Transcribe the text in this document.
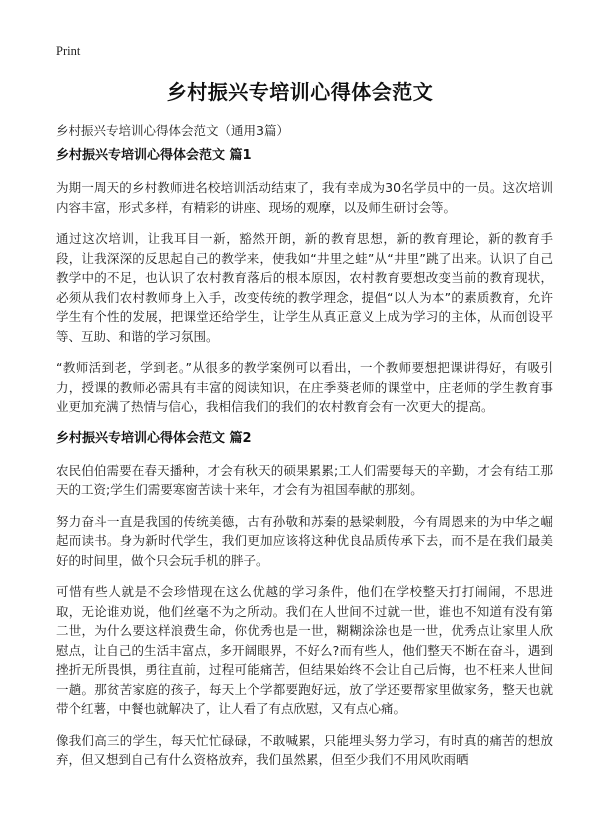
Print
乡村振兴专培训心得体会范文
乡村振兴专培训心得体会范文（通用3篇）
乡村振兴专培训心得体会范文 篇1

为期一周天的乡村教师进名校培训活动结束了，我有幸成为30名学员中的一员。这次培训内容丰富，形式多样，有精彩的讲座、现场的观摩，以及师生研讨会等。

通过这次培训，让我耳目一新，豁然开朗，新的教育思想，新的教育理论，新的教育手段，让我深深的反思起自己的教学来，使我如“井里之蛙”从“井里”跳了出来。认识了自己教学中的不足，也认识了农村教育落后的根本原因，农村教育要想改变当前的教育现状，必须从我们农村教师身上入手，改变传统的教学理念，提倡“以人为本”的素质教育，允许学生有个性的发展，把课堂还给学生，让学生从真正意义上成为学习的主体，从而创设平等、互助、和谐的学习氛围。

“教师活到老，学到老。”从很多的教学案例可以看出，一个教师要想把课讲得好，有吸引力，授课的教师必需具有丰富的阅读知识，在庄季葵老师的课堂中，庄老师的学生教育事业更加充满了热情与信心，我相信我们的我们的农村教育会有一次更大的提高。

乡村振兴专培训心得体会范文 篇2

农民伯伯需要在春天播种，才会有秋天的硕果累累;工人们需要每天的辛勤，才会有结工那天的工资;学生们需要寒窗苦读十来年，才会有为祖国奉献的那刻。

努力奋斗一直是我国的传统美德，古有孙敬和苏秦的悬梁刺股，今有周恩来的为中华之崛起而读书。身为新时代学生，我们更加应该将这种优良品质传承下去，而不是在我们最美好的时间里，做个只会玩手机的胖子。

可惜有些人就是不会珍惜现在这么优越的学习条件，他们在学校整天打打闹闹，不思进取，无论谁劝说，他们丝毫不为之所动。我们在人世间不过就一世，谁也不知道有没有第二世，为什么要这样浪费生命，你优秀也是一世，糊糊涂涂也是一世，优秀点让家里人欣慰点，让自己的生活丰富点，多开阔眼界，不好么?而有些人，他们整天不断在奋斗，遇到挫折无所畏惧，勇往直前，过程可能痛苦，但结果始终不会让自己后悔，也不枉来人世间一趟。那贫苦家庭的孩子，每天上个学都要跑好远，放了学还要帮家里做家务，整天也就带个红薯，中餐也就解决了，让人看了有点欣慰，又有点心痛。

像我们高三的学生，每天忙忙碌碌，不敢喊累，只能埋头努力学习，有时真的痛苦的想放弃，但又想到自己有什么资格放弃，我们虽然累，但至少我们不用风吹雨晒
